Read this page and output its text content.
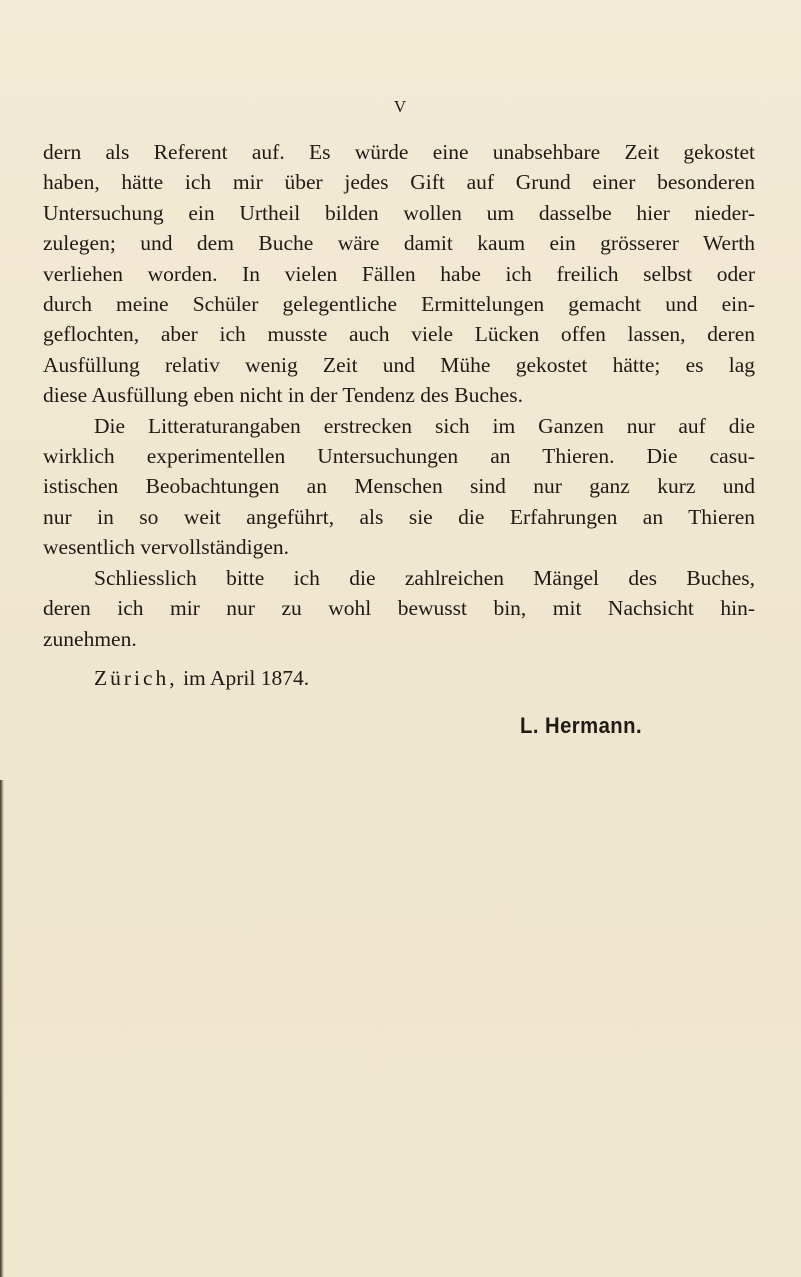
V

dern als Referent auf. Es würde eine unabsehbare Zeit gekostet
haben, hätte ich mir über jedes Gift auf Grund einer besonderen
Untersuchung ein Urtheil bilden wollen um dasselbe hier nieder-
zulegen; und dem Buche wäre damit kaum ein grösserer Werth
verliehen worden. In vielen Fällen habe ich freilich selbst oder
durch meine Schüler gelegentliche Ermittelungen gemacht und ein-
geflochten, aber ich musste auch viele Lücken offen lassen, deren
Ausfüllung relativ wenig Zeit und Mühe gekostet hätte; es lag
diese Ausfüllung eben nicht in der Tendenz des Buches.

Die Litteraturangaben erstrecken sich im Ganzen nur auf die
wirklich experimentellen Untersuchungen an Thieren. Die casu-
istischen Beobachtungen an Menschen sind nur ganz kurz und
nur in so weit angeführt, als sie die Erfahrungen an Thieren
wesentlich vervollständigen.

Schliesslich bitte ich die zahlreichen Mängel des Buches,
deren ich mir nur zu wohl bewusst bin, mit Nachsicht hin-
zunehmen.

Zürich, im April 1874.
L. Hermann.
